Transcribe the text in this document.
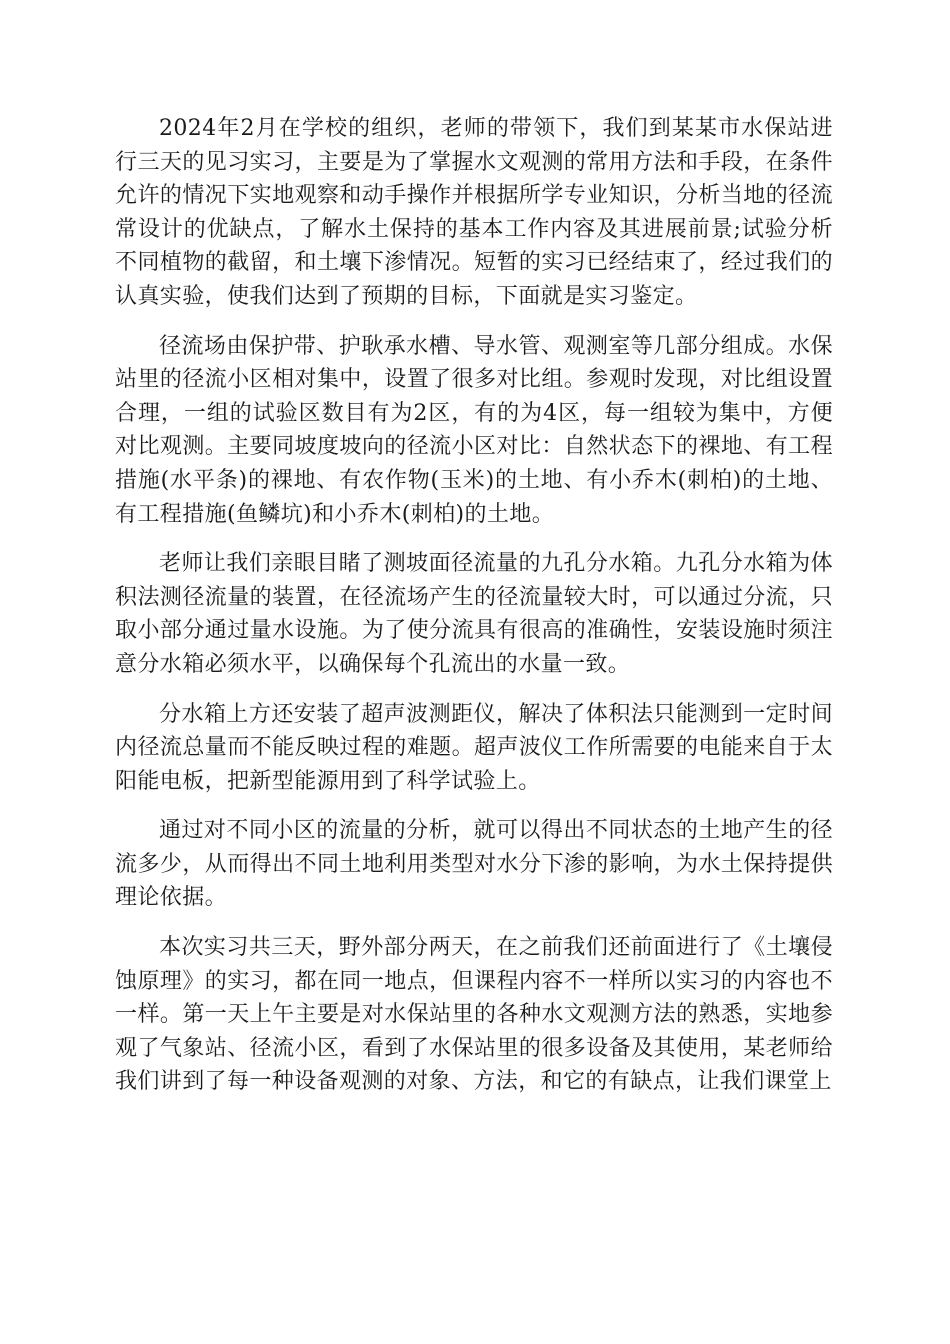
2024年2月在学校的组织，老师的带领下，我们到某某市水保站进行三天的见习实习，主要是为了掌握水文观测的常用方法和手段，在条件允许的情况下实地观察和动手操作并根据所学专业知识，分析当地的径流常设计的优缺点，了解水土保持的基本工作内容及其进展前景;试验分析不同植物的截留，和土壤下渗情况。短暂的实习已经结束了，经过我们的认真实验，使我们达到了预期的目标，下面就是实习鉴定。

径流场由保护带、护耿承水槽、导水管、观测室等几部分组成。水保站里的径流小区相对集中，设置了很多对比组。参观时发现，对比组设置合理，一组的试验区数目有为2区，有的为4区，每一组较为集中，方便对比观测。主要同坡度坡向的径流小区对比：自然状态下的裸地、有工程措施(水平条)的裸地、有农作物(玉米)的土地、有小乔木(刺柏)的土地、有工程措施(鱼鳞坑)和小乔木(刺柏)的土地。

老师让我们亲眼目睹了测坡面径流量的九孔分水箱。九孔分水箱为体积法测径流量的装置，在径流场产生的径流量较大时，可以通过分流，只取小部分通过量水设施。为了使分流具有很高的准确性，安装设施时须注意分水箱必须水平，以确保每个孔流出的水量一致。

分水箱上方还安装了超声波测距仪，解决了体积法只能测到一定时间内径流总量而不能反映过程的难题。超声波仪工作所需要的电能来自于太阳能电板，把新型能源用到了科学试验上。

通过对不同小区的流量的分析，就可以得出不同状态的土地产生的径流多少，从而得出不同土地利用类型对水分下渗的影响，为水土保持提供理论依据。

本次实习共三天，野外部分两天，在之前我们还前面进行了《土壤侵蚀原理》的实习，都在同一地点，但课程内容不一样所以实习的内容也不一样。第一天上午主要是对水保站里的各种水文观测方法的熟悉，实地参观了气象站、径流小区，看到了水保站里的很多设备及其使用，某老师给我们讲到了每一种设备观测的对象、方法，和它的有缺点，让我们课堂上
